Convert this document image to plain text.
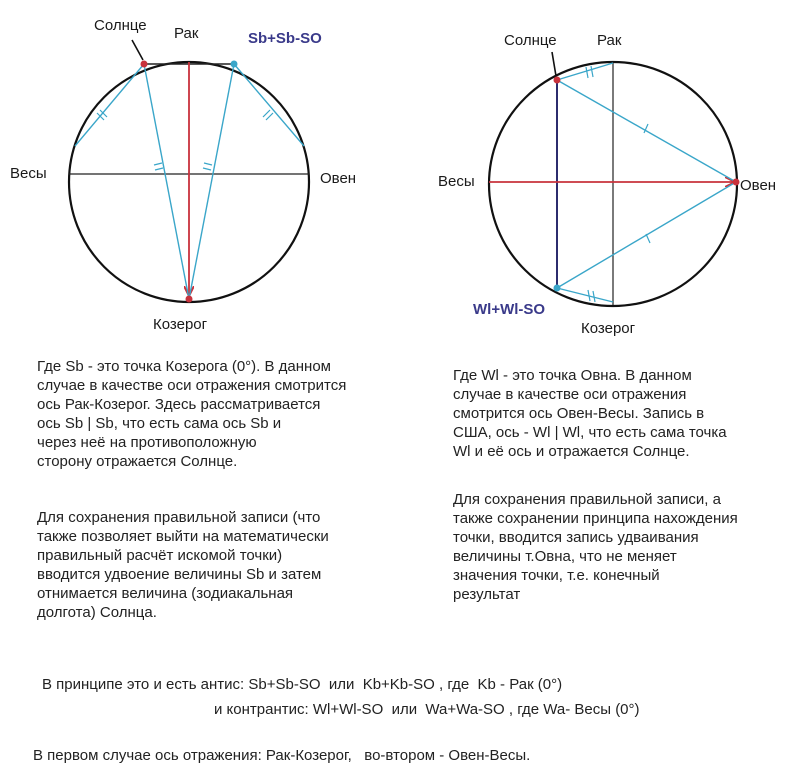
Солнце Рак	Sb+Sb-SO
Весы	Овен
Козерог
Солнце	Рак
Wl+Wl-SO
Весы	Овен
Козерог
Где Sb - это точка Козерога (0°). В данном
случае в качестве оси отражения смотрится
ось Рак-Козерог. Здесь рассматривается
ось Sb | Sb, что есть сама ось Sb и
через неё на противоположную
сторону отражается Солнце.
Для сохранения правильной записи (что
также позволяет выйти на математически
правильный расчёт искомой точки)
вводится удвоение величины Sb и затем
отнимается величина (зодиакальная
долгота) Солнца.
Где Wl - это точка Овна. В данном
случае в качестве оси отражения
смотрится ось Овен-Весы. Запись в
США, ось - Wl | Wl, что есть сама точка
Wl и её ось и отражается Солнце.
Для сохранения правильной записи, а
также сохранении принципа нахождения
точки, вводится запись удваивания
величины т.Овна, что не меняет
значения точки, т.е. конечный
результат
В принципе это и есть антис: Sb+Sb-SO  или  Kb+Kb-SO , где  Kb - Рак (0°)
и контрантис: Wl+Wl-SO  или  Wa+Wa-SO , где Wa- Весы (0°)
В первом случае ось отражения: Рак-Козерог,   во-втором - Овен-Весы.
